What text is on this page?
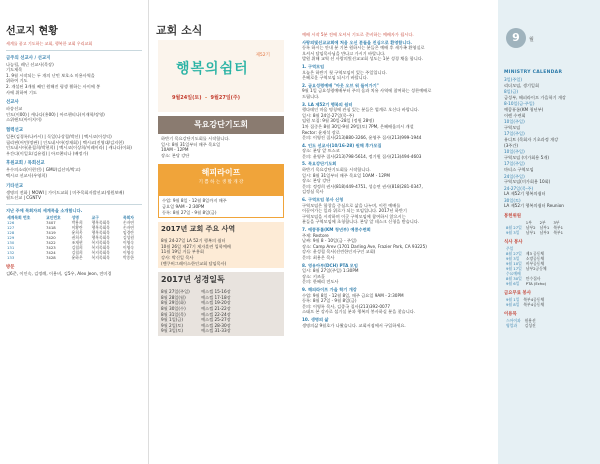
선교지 현황
세계를 품고 기도하는 교회, 행복한 교회 우리교회
금주의 선교사 / 선교지
나눔될, 레닌 선교사(목장)
기도제목
1. 9월 시작되는 두 개의 난민 보호소 미용사역을
위하여 기도
2. 개설된 3개월 째인 원해진 평생 뭘하는 사이에 봉
사에 위하여 기도
선교사
파송선교
인도(이00) | 캐나다(홍00) | 아르헨티나(이재학/장영)
스위랜드(아이지이)
협력선교
일본(김경록/나카시) | 독일(나상철/박선) | 멕시코(이성익)
필리핀(어민/정판) | 인도네시아(정재회) | 멕시코(진영대/김지현)
인도네시아(윤철희/박현희) | 멕시코(이상희/이레이라) | 캐나다(이화)
우간다(이일호/김유림) | 아르헨티나 (배정가)
후원교회 / 목회선교
우수의소리(이현진) | GMU(김선미/박고)
멕시코 선교사(우영희)
기타선교
생명의 전화 | MOWI | 가이드교회 | 미주목회자발선교(생원보배)
월드선교 | CGNTV
지난 주에 목회자의 세계목을 소개합니다.
세계목회 번호	교인번호	성명	교구	목회자
126	7407	박용희	행복목회목	손자연
127	7418	이황란	행복목회목	손자연
128	7419	윤희옥	행복목회목	임경란
129	7420	권희옥	행복목회목	김성원
130	7422	조재현	복지목회목	이영숙
131	7423	김철희	복지목회목	이영숙
132	7424	김철희	복지목회목	이영숙
133	7428	윤하은	복지목회목	박종한
방문
김6준, 이인숙, 김정례, 이용비, 김5우, Alex Jeon, 전미경
교회 소식
제52기
행복의쉼터
9월24일(토)  -  9월27일(주)
목요강단기도회
하반기 목요강단기도회를 시작합니다.
일시: 8월 31일부터 매주 목요일
10AM - 12PM
장소: 본당 강단
해피라이프
기 쁨 하 는 생 활 개 강
수업: 9월 8일 - 12월 8일까지 매주
금요일 9AM - 2:30PM
등록: 8월 27일 - 9월 8일(금)
2017년 교회 주요 사역
8월 24-27일 LA 52기 행복의 쉼터
10월 26일 제27기 제자훈련 입학예배
11월 19일 거듭 부흥회
강사: 박신일 목사
(밴쿠버그레이스한인교회 담임목사)
2017년 성경일독
8월 27일(주일)	예스겔 15-16장
8월 28일(월)	예스겔 17-18장
8월 29일(화)	예스겔 19-20장
8월 30일(수)	예스겔 21-22장
8월 31일(목)	예스겔 22-24장
9월 1일(금)	예스겔 25-27장
9월 2일(토)	예스겔 28-30장
9월 3일(토)	예스겔 31-33장
예배 시작 5분 전에 오셔서 기도로 준비하는 예배자가 됩시다.
사랑의빛선교교회에 처음 오신 분들을 진심으로 환영합니다.
등록 하시는 안내 분 기본 원하시는 분들은 예배 후 새가족 환영실로
오셔서 담임목사님을 만나고 가시기 바랍니다.
발원 위해 교역 선 사랑의빛선교교회 성도는 1분 성경 채움 합니다.
1. 구역모임
오늘은 하반기 첫 구역모임이 있는 주일입니다.
은혜로운 구역모임 되시기 바랍니다.
2. 금요성령예배 "아웃 오브 워 들어가기"
9월 1일 금요성령예배부터 주의 음과 치유 사역에 참여하는 성찬예배로
드립니다.
3. LA 제52기 행복의 쉼터
행다테인 마음 명칭에 관심 있는 분들은 업계로 오신다 바랍니다.
일시: 8월 24일-27일(목-주)
임원 모집: 9월 30일-28일 (정원 28명)
1차 집중은 8월 30일-9월 29일(토) 7PM, 은혜배움의시 개설
Rector: 윤재석 장로
문의: 이영진 집사(213)880-3266, 윤영주 집사(213)999-1944
4. 인도 선교사(10/16-28) 원해 후가모집
장소: 분당 앞 뜨스코
문의: 윤영주 집사(213)798-5614, 정기원 집사(213)494-4603
5. 목요강단기도회
하반기 목요강단기도회를 시작합니다.
일시: 8월 31일부터 매주 목요일 10AM - 12PM
장소: 본당 강단
문의: 정정희 권사(818)449-4751, 성승연 권사(818)281-0347,
김정심 목사
6. 구역모임 봉사 신청
구역모임은 합창을 중심으로 삶을 나누며, 이런 예배를
이끌어가는 일과 위로가 되는 모임입니다. 2017년 하반기
구역모임을 시작하며 이곳 구역모임에 참여하시 않으시는
분들을 구역모임에 초청합니다. 본당 앞 데스크 신청을 받습니다.
7. 에콩퓨롬(KM 청년부) 예콩수련회
주제: Restore
날짜: 9월 8 - 10일(금 - 주일)
장소: Camp Arev (1701 Darling Ave, Frazier Park, CA 93225)
강사: 윤성철 목사(선린한인지구인 교회)
문의: 최용은 목사
8. 영유아부(DCH) PTA 모임
일시: 8월 27일(주일) 1:30PM
장소: 키즈홀
문의: 한혜리 전도사
9. 해피라이프 가을 학기 개강
수업: 9월 8일 - 12월 8일, 매주 금요일 9AM - 2:30PM
등록: 8월 27일 - 9월 8일(금)
문의: 이영록 목사, 김종국 집사(213)392-0077
스태프 본 강사로 섬기실 분과 행복의 봉사하실 분을 찾습니다.
10. 생명의 삶
생명의삶 9월호가 나왔습니다. 교회서점에서 구입하세요.
9	월
MINISTRY CALENDAR
3일(주일)
리더모임, 생기일회
8일(금)
금성부, 해피라이프 가을학기 개강
8-10일(금-주일)
예콩퓨롬(KM 청년부)
이렌 수련회
10일(주일)
구역모임
17일(주일)
유디트 (목회자 기초과정 개강
(3주간)
10일(주일)
구역모임 (미가회용 5개)
17일(주일)
마티스 구역모임
24일(주일)
구역모임(미가회용 10회)
24-27일(목-주)
LA 제52기 행복의쉼터
30일(토)
LA 제52기 행복의쉼터 Reunion
봉헌위원
	1부	2부	3부
8월 27일	남부2	남부1	북부1
9월 3일	남부1	남부3	북부1
식사 봉사
주일			
8월 27일	제3 공동체		
9월 3일	소망공동체		
9월 10일	비부공동체		
9월 17일	남부2공동체		
수요예배			
8월 30일	안수집사		
9월 6일	PTA (Echo)		
금요무료 봉사
9월 1일	북부4공동체		
9월 8일	북부4공동체		
이용묵
스아이과	원용선		
영업과	김성진		
